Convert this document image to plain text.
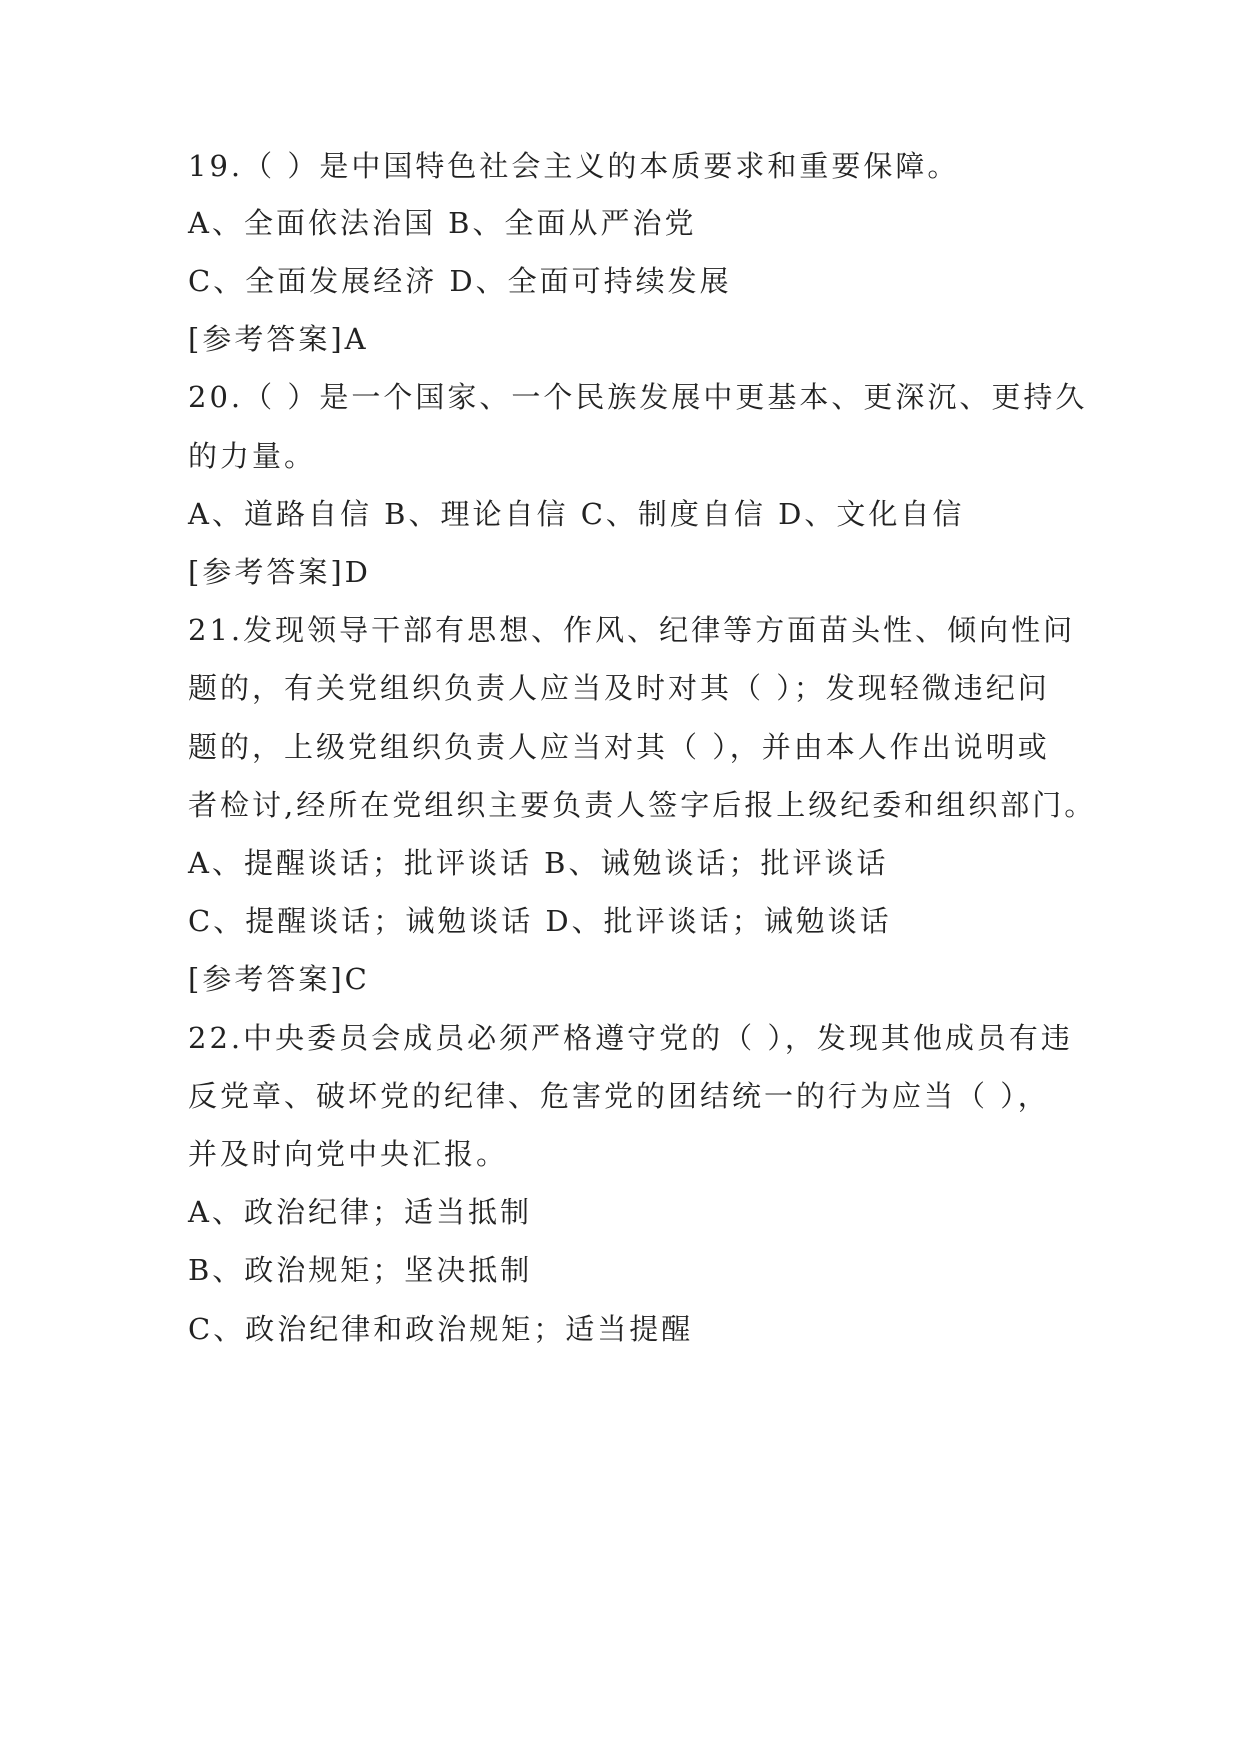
19.（ ）是中国特色社会主义的本质要求和重要保障。
A、全面依法治国 B、全面从严治党
C、全面发展经济 D、全面可持续发展
[参考答案]A
20.（ ）是一个国家、一个民族发展中更基本、更深沉、更持久
的力量。
A、道路自信 B、理论自信 C、制度自信 D、文化自信
[参考答案]D
21.发现领导干部有思想、作风、纪律等方面苗头性、倾向性问
题的，有关党组织负责人应当及时对其（ ）；发现轻微违纪问
题的，上级党组织负责人应当对其（ ），并由本人作出说明或
者检讨,经所在党组织主要负责人签字后报上级纪委和组织部门。
A、提醒谈话；批评谈话 B、诫勉谈话；批评谈话
C、提醒谈话；诫勉谈话 D、批评谈话；诫勉谈话
[参考答案]C
22.中央委员会成员必须严格遵守党的（ ），发现其他成员有违
反党章、破坏党的纪律、危害党的团结统一的行为应当（ ），
并及时向党中央汇报。
A、政治纪律；适当抵制
B、政治规矩；坚决抵制
C、政治纪律和政治规矩；适当提醒
